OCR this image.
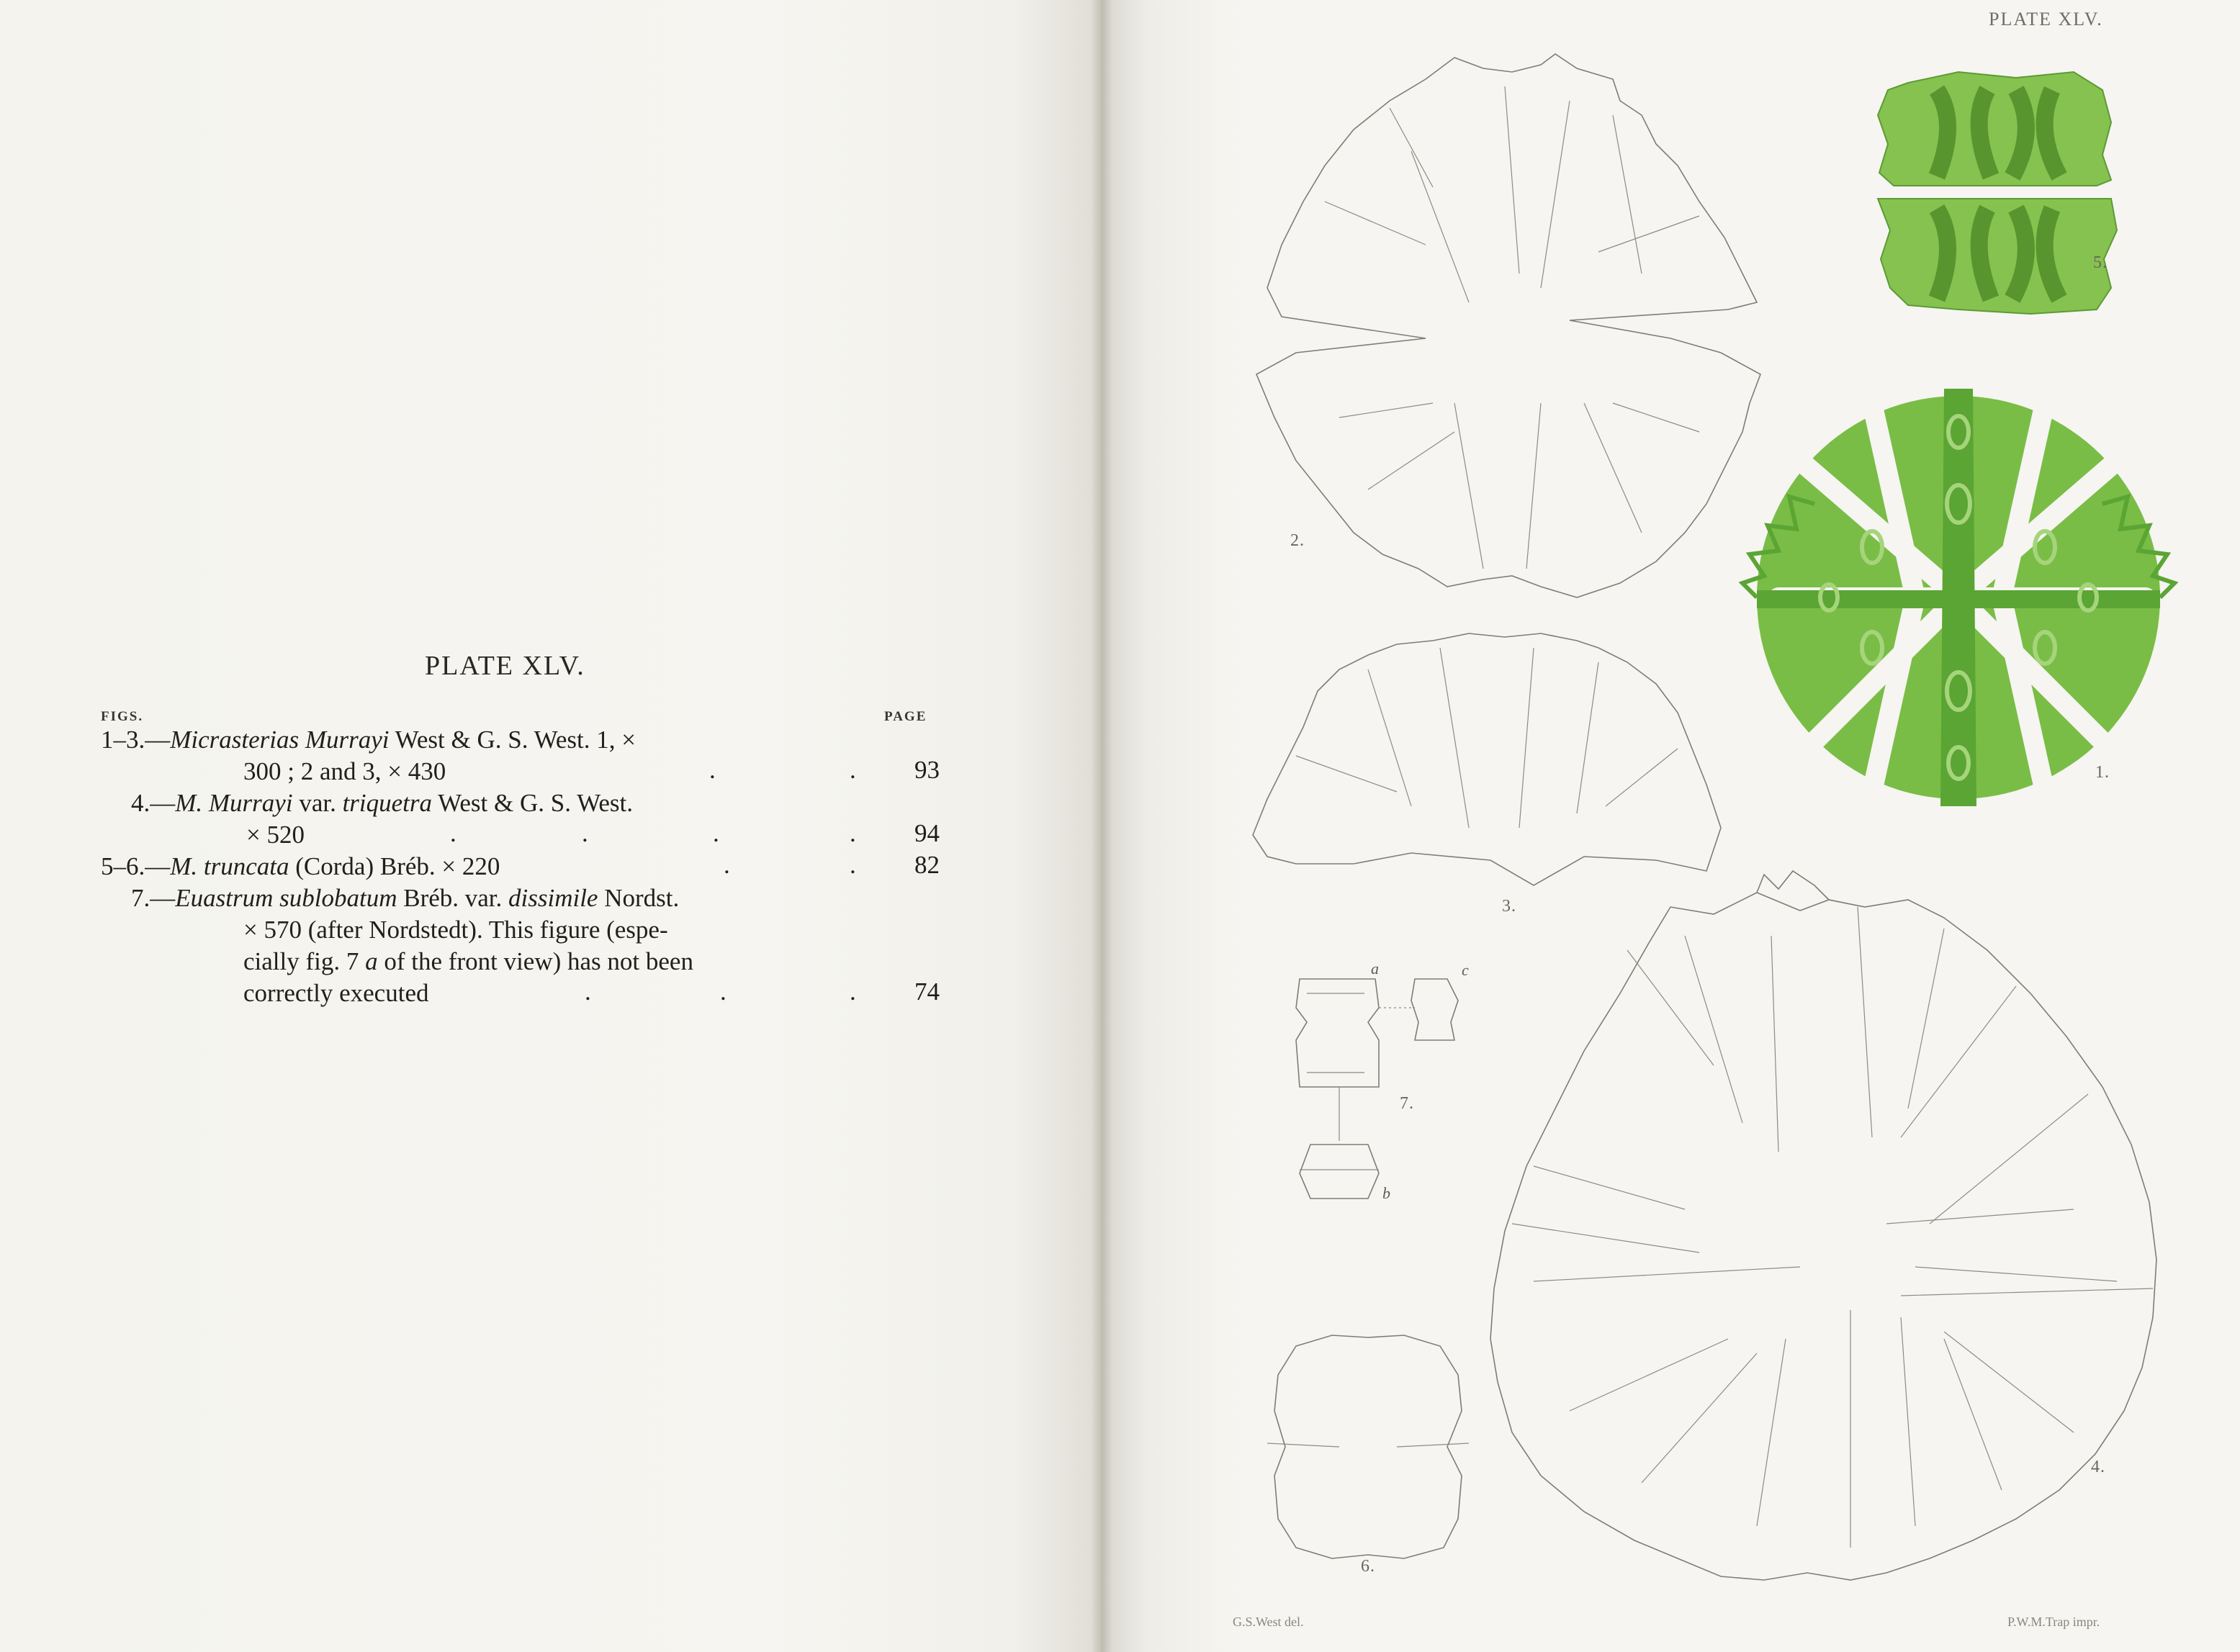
PLATE XLV.
FIGS.	PAGE
1–3.—Micrasterias Murrayi West & G. S. West. 1, ×
300 ; 2 and 3, × 430	.	.	93
4.—M. Murrayi var. triquetra West & G. S. West.
× 520	.	.	.	.	94
5–6.—M. truncata (Corda) Bréb. × 220	.	.	82
7.—Euastrum sublobatum Bréb. var. dissimile Nordst.
× 570 (after Nordstedt). This figure (espe-
cially fig. 7 a of the front view) has not been
correctly executed	.	.	.	74
PLATE XLV.
2.
1.
5.
3.
7.
4.
6.
a
b
c
G.S.West del.	P.W.M.Trap impr.
